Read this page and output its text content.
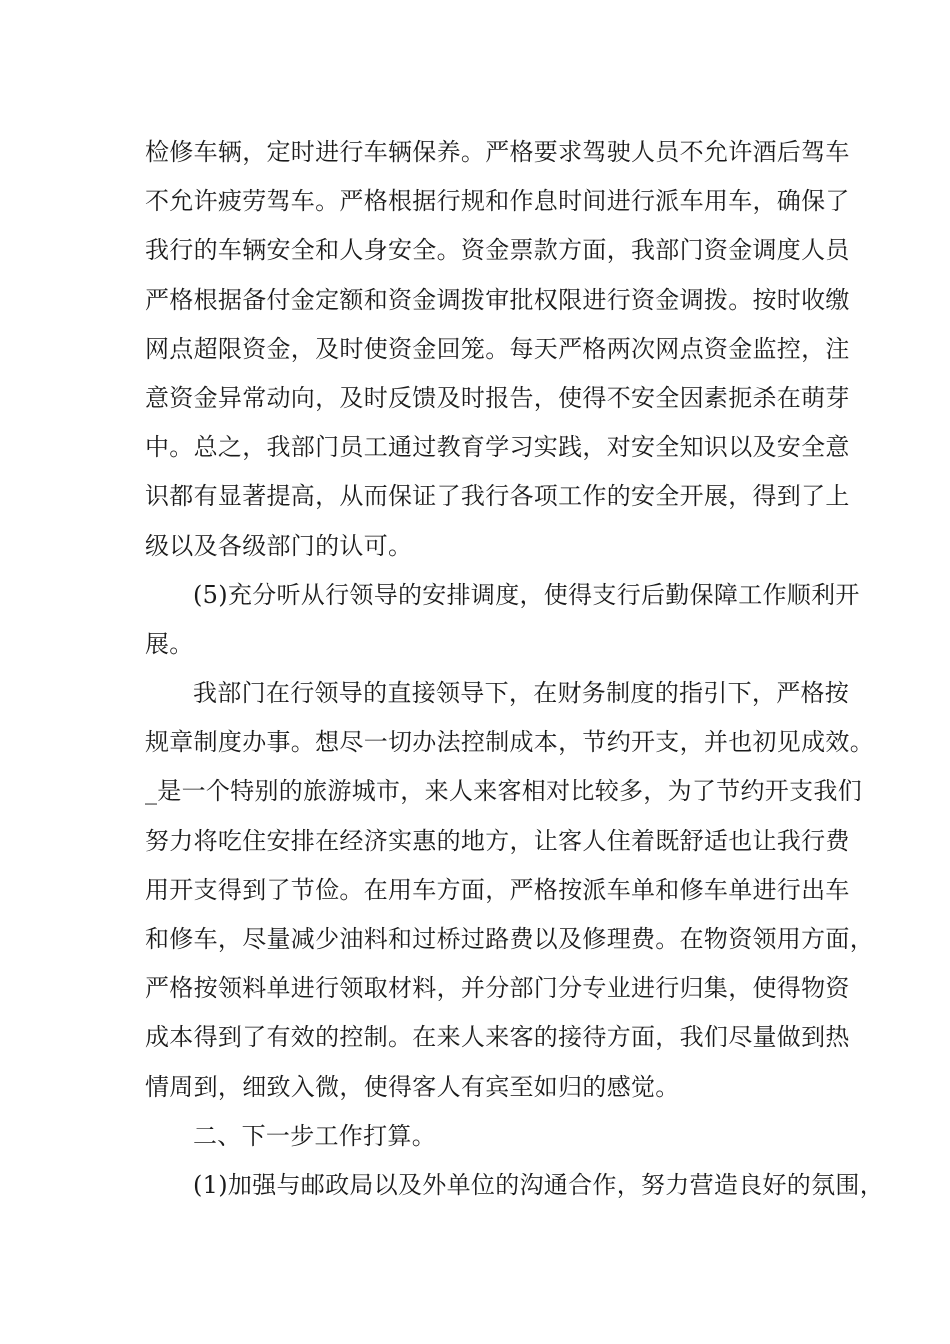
检修车辆，定时进行车辆保养。严格要求驾驶人员不允许酒后驾车
不允许疲劳驾车。严格根据行规和作息时间进行派车用车，确保了
我行的车辆安全和人身安全。资金票款方面，我部门资金调度人员
严格根据备付金定额和资金调拨审批权限进行资金调拨。按时收缴
网点超限资金，及时使资金回笼。每天严格两次网点资金监控，注
意资金异常动向，及时反馈及时报告，使得不安全因素扼杀在萌芽
中。总之，我部门员工通过教育学习实践，对安全知识以及安全意
识都有显著提高，从而保证了我行各项工作的安全开展，得到了上
级以及各级部门的认可。
(5)充分听从行领导的安排调度，使得支行后勤保障工作顺利开
展。
我部门在行领导的直接领导下，在财务制度的指引下，严格按
规章制度办事。想尽一切办法控制成本，节约开支，并也初见成效。
_是一个特别的旅游城市，来人来客相对比较多，为了节约开支我们
努力将吃住安排在经济实惠的地方，让客人住着既舒适也让我行费
用开支得到了节俭。在用车方面，严格按派车单和修车单进行出车
和修车，尽量减少油料和过桥过路费以及修理费。在物资领用方面，
严格按领料单进行领取材料，并分部门分专业进行归集，使得物资
成本得到了有效的控制。在来人来客的接待方面，我们尽量做到热
情周到，细致入微，使得客人有宾至如归的感觉。
二、下一步工作打算。
(1)加强与邮政局以及外单位的沟通合作，努力营造良好的氛围，
